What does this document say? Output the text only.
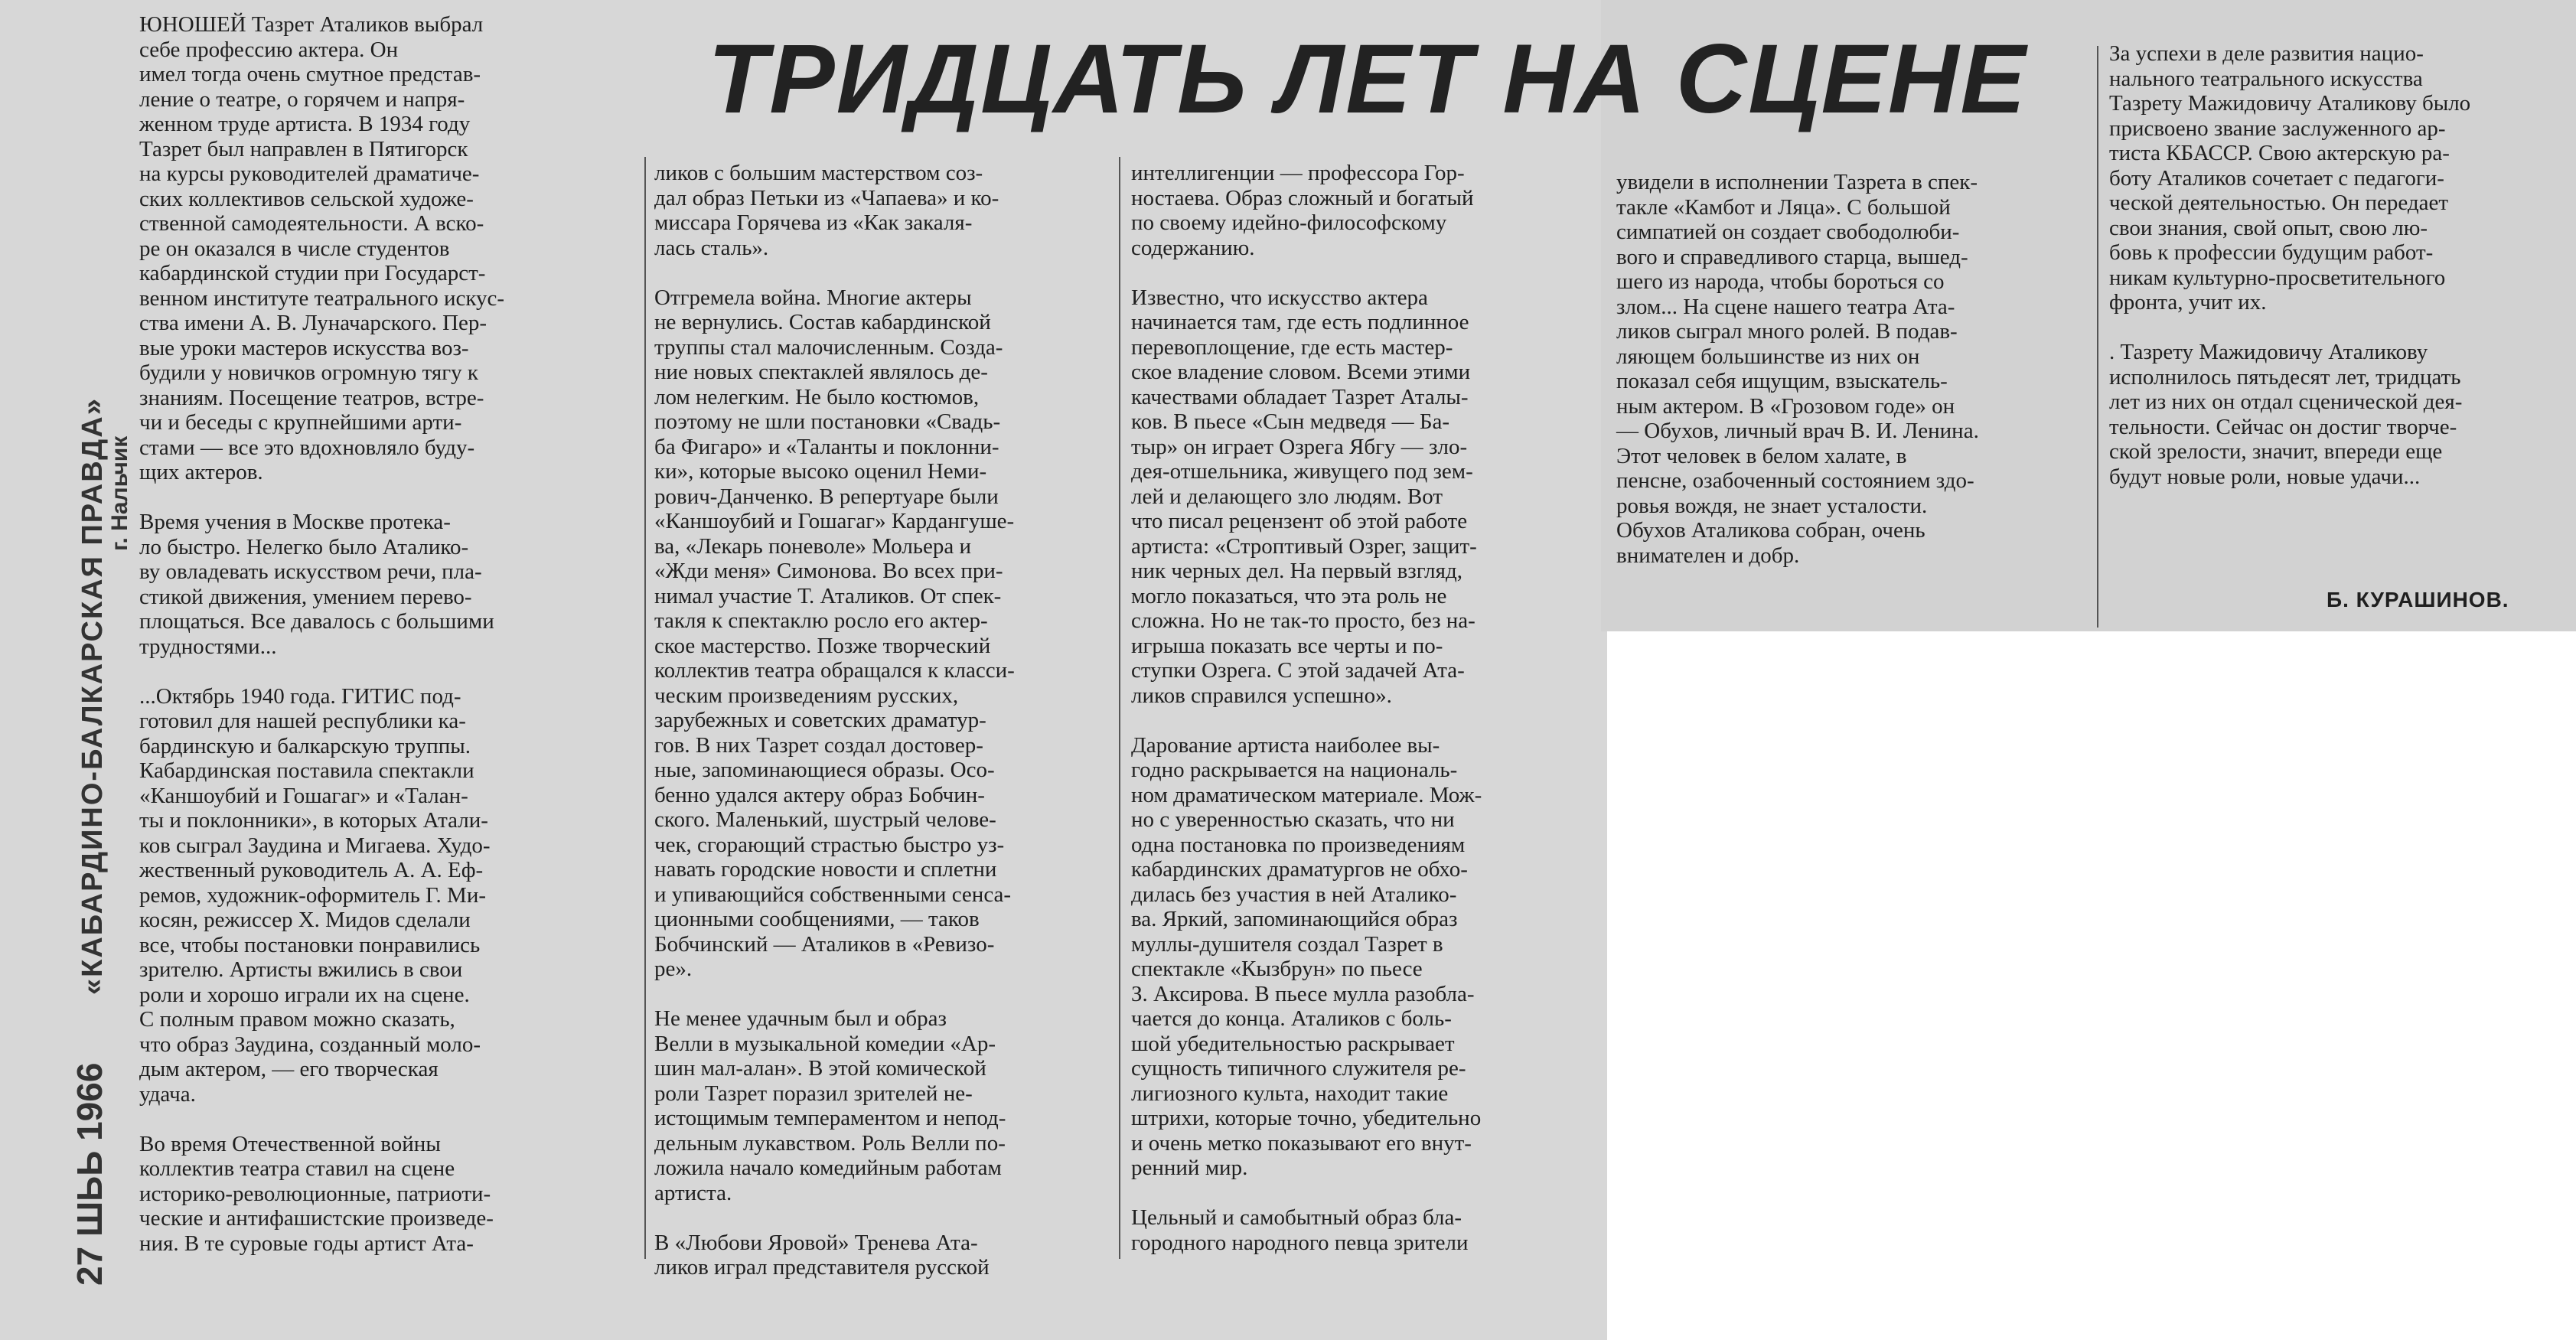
27 ШЬЬ 1966
«КАБАРДИНО-БАЛКАРСКАЯ ПРАВДА»
г. Нальчик
ТРИДЦАТЬ ЛЕТ НА СЦЕНЕ
ЮНОШЕЙ Тазрет Аталиков выбрал
себе профессию актера. Он
имел тогда очень смутное представ-
ление о театре, о горячем и напря-
женном труде артиста. В 1934 году
Тазрет был направлен в Пятигорск
на курсы руководителей драматиче-
ских коллективов сельской художе-
ственной самодеятельности. А вско-
ре он оказался в числе студентов
кабардинской студии при Государст-
венном институте театрального искус-
ства имени А. В. Луначарского. Пер-
вые уроки мастеров искусства воз-
будили у новичков огромную тягу к
знаниям. Посещение театров, встре-
чи и беседы с крупнейшими арти-
стами — все это вдохновляло буду-
щих актеров.

Время учения в Москве протека-
ло быстро. Нелегко было Аталико-
ву овладевать искусством речи, пла-
стикой движения, умением перево-
площаться. Все давалось с большими
трудностями...

...Октябрь 1940 года. ГИТИС под-
готовил для нашей республики ка-
бардинскую и балкарскую труппы.
Кабардинская поставила спектакли
«Каншоубий и Гошагаг» и «Талан-
ты и поклонники», в которых Атали-
ков сыграл Заудина и Мигаева. Худо-
жественный руководитель А. А. Еф-
ремов, художник-оформитель Г. Ми-
косян, режиссер Х. Мидов сделали
все, чтобы постановки понравились
зрителю. Артисты вжились в свои
роли и хорошо играли их на сцене.
С полным правом можно сказать,
что образ Заудина, созданный моло-
дым актером, — его творческая
удача.

Во время Отечественной войны
коллектив театра ставил на сцене
историко-революционные, патриоти-
ческие и антифашистские произведе-
ния. В те суровые годы артист Ата-
ликов с большим мастерством соз-
дал образ Петьки из «Чапаева» и ко-
миссара Горячева из «Как закаля-
лась сталь».

Отгремела война. Многие актеры
не вернулись. Состав кабардинской
труппы стал малочисленным. Созда-
ние новых спектаклей являлось де-
лом нелегким. Не было костюмов,
поэтому не шли постановки «Свадь-
ба Фигаро» и «Таланты и поклонни-
ки», которые высоко оценил Неми-
рович-Данченко. В репертуаре были
«Каншоубий и Гошагаг» Кардангуше-
ва, «Лекарь поневоле» Мольера и
«Жди меня» Симонова. Во всех при-
нимал участие Т. Аталиков. От спек-
такля к спектаклю росло его актер-
ское мастерство. Позже творческий
коллектив театра обращался к класси-
ческим произведениям русских,
зарубежных и советских драматур-
гов. В них Тазрет создал достовер-
ные, запоминающиеся образы. Осо-
бенно удался актеру образ Бобчин-
ского. Маленький, шустрый челове-
чек, сгорающий страстью быстро уз-
навать городские новости и сплетни
и упивающийся собственными сенса-
ционными сообщениями, — таков
Бобчинский — Аталиков в «Ревизо-
ре».

Не менее удачным был и образ
Велли в музыкальной комедии «Ар-
шин мал-алан». В этой комической
роли Тазрет поразил зрителей не-
истощимым темпераментом и непод-
дельным лукавством. Роль Велли по-
ложила начало комедийным работам
артиста.

В «Любови Яровой» Тренева Ата-
ликов играл представителя русской
интеллигенции — профессора Гор-
ностаева. Образ сложный и богатый
по своему идейно-философскому
содержанию.

Известно, что искусство актера
начинается там, где есть подлинное
перевоплощение, где есть мастер-
ское владение словом. Всеми этими
качествами обладает Тазрет Аталы-
ков. В пьесе «Сын медведя — Ба-
тыр» он играет Озрега Ябгу — зло-
дея-отшельника, живущего под зем-
лей и делающего зло людям. Вот
что писал рецензент об этой работе
артиста: «Строптивый Озрег, защит-
ник черных дел. На первый взгляд,
могло показаться, что эта роль не
сложна. Но не так-то просто, без на-
игрыша показать все черты и по-
ступки Озрега. С этой задачей Ата-
ликов справился успешно».

Дарование артиста наиболее вы-
годно раскрывается на националь-
ном драматическом материале. Мож-
но с уверенностью сказать, что ни
одна постановка по произведениям
кабардинских драматургов не обхо-
дилась без участия в ней Аталико-
ва. Яркий, запоминающийся образ
муллы-душителя создал Тазрет в
спектакле «Кызбрун» по пьесе
З. Аксирова. В пьесе мулла разобла-
чается до конца. Аталиков с боль-
шой убедительностью раскрывает
сущность типичного служителя ре-
лигиозного культа, находит такие
штрихи, которые точно, убедительно
и очень метко показывают его внут-
ренний мир.

Цельный и самобытный образ бла-
городного народного певца зрители
увидели в исполнении Тазрета в спек-
такле «Камбот и Ляца». С большой
симпатией он создает свободолюби-
вого и справедливого старца, вышед-
шего из народа, чтобы бороться со
злом... На сцене нашего театра Ата-
ликов сыграл много ролей. В подав-
ляющем большинстве из них он
показал себя ищущим, взыскатель-
ным актером. В «Грозовом годе» он
— Обухов, личный врач В. И. Ленина.
Этот человек в белом халате, в
пенсне, озабоченный состоянием здо-
ровья вождя, не знает усталости.
Обухов Аталикова собран, очень
внимателен и добр.
За успехи в деле развития нацио-
нального театрального искусства
Тазрету Мажидовичу Аталикову было
присвоено звание заслуженного ар-
тиста КБАССР. Свою актерскую ра-
боту Аталиков сочетает с педагоги-
ческой деятельностью. Он передает
свои знания, свой опыт, свою лю-
бовь к профессии будущим работ-
никам культурно-просветительного
фронта, учит их.

. Тазрету Мажидовичу Аталикову
исполнилось пятьдесят лет, тридцать
лет из них он отдал сценической дея-
тельности. Сейчас он достиг творче-
ской зрелости, значит, впереди еще
будут новые роли, новые удачи...
Б. КУРАШИНОВ.
